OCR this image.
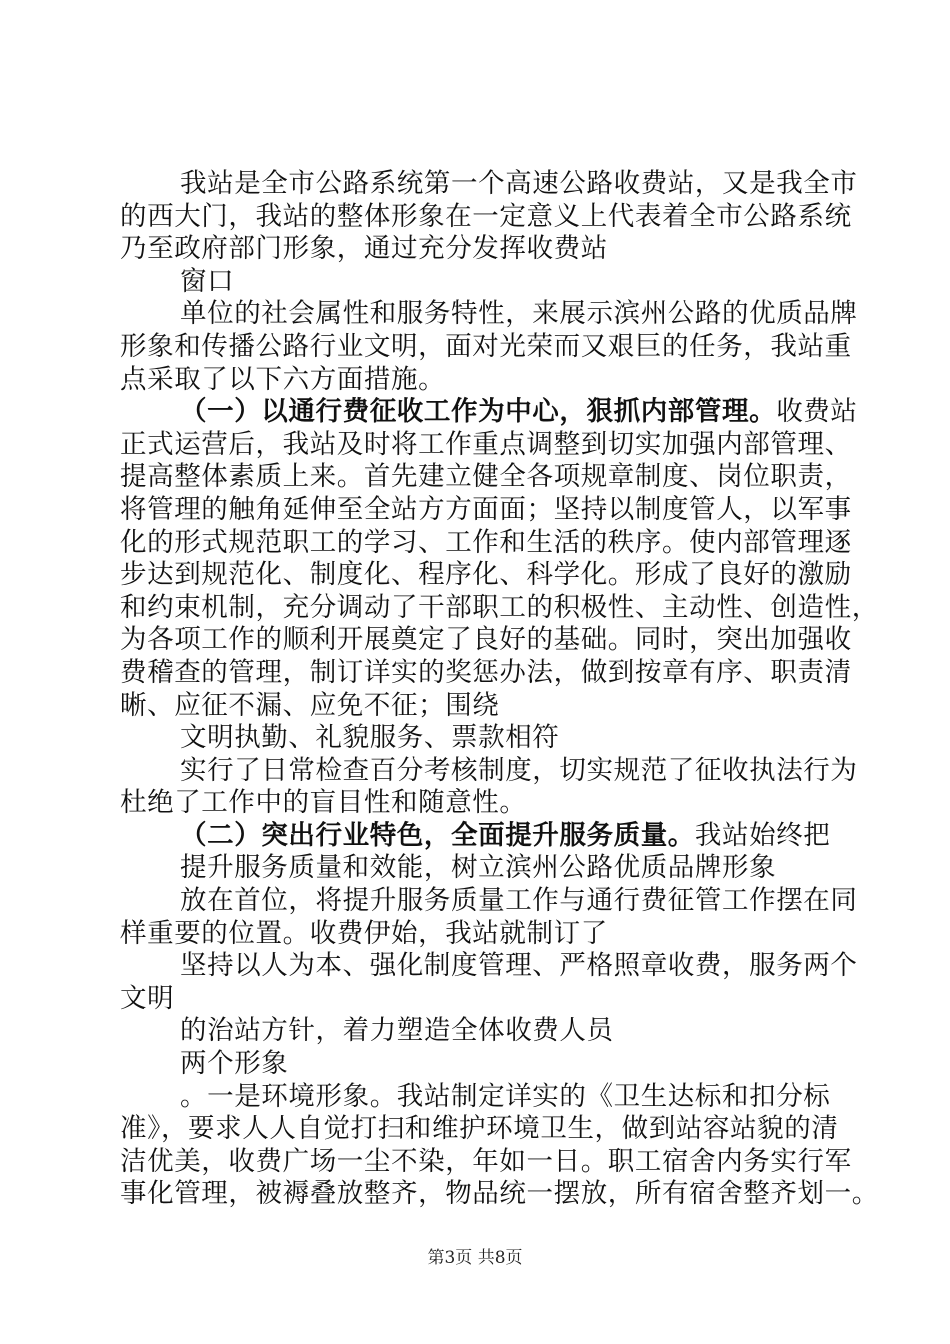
我站是全市公路系统第一个高速公路收费站，又是我全市
的西大门，我站的整体形象在一定意义上代表着全市公路系统
乃至政府部门形象，通过充分发挥收费站
窗口
单位的社会属性和服务特性，来展示滨州公路的优质品牌
形象和传播公路行业文明，面对光荣而又艰巨的任务，我站重
点采取了以下六方面措施。
（一）以通行费征收工作为中心，狠抓内部管理。收费站
正式运营后，我站及时将工作重点调整到切实加强内部管理、
提高整体素质上来。首先建立健全各项规章制度、岗位职责，
将管理的触角延伸至全站方方面面；坚持以制度管人，以军事
化的形式规范职工的学习、工作和生活的秩序。使内部管理逐
步达到规范化、制度化、程序化、科学化。形成了良好的激励
和约束机制，充分调动了干部职工的积极性、主动性、创造性，
为各项工作的顺利开展奠定了良好的基础。同时，突出加强收
费稽查的管理，制订详实的奖惩办法，做到按章有序、职责清
晰、应征不漏、应免不征；围绕
文明执勤、礼貌服务、票款相符
实行了日常检查百分考核制度，切实规范了征收执法行为
杜绝了工作中的盲目性和随意性。
（二）突出行业特色，全面提升服务质量。我站始终把
提升服务质量和效能，树立滨州公路优质品牌形象
放在首位，将提升服务质量工作与通行费征管工作摆在同
样重要的位置。收费伊始，我站就制订了
坚持以人为本、强化制度管理、严格照章收费，服务两个
文明
的治站方针，着力塑造全体收费人员
两个形象
。一是环境形象。我站制定详实的《卫生达标和扣分标
准》，要求人人自觉打扫和维护环境卫生，做到站容站貌的清
洁优美，收费广场一尘不染，年如一日。职工宿舍内务实行军
事化管理，被褥叠放整齐，物品统一摆放，所有宿舍整齐划一。
第3页 共8页
